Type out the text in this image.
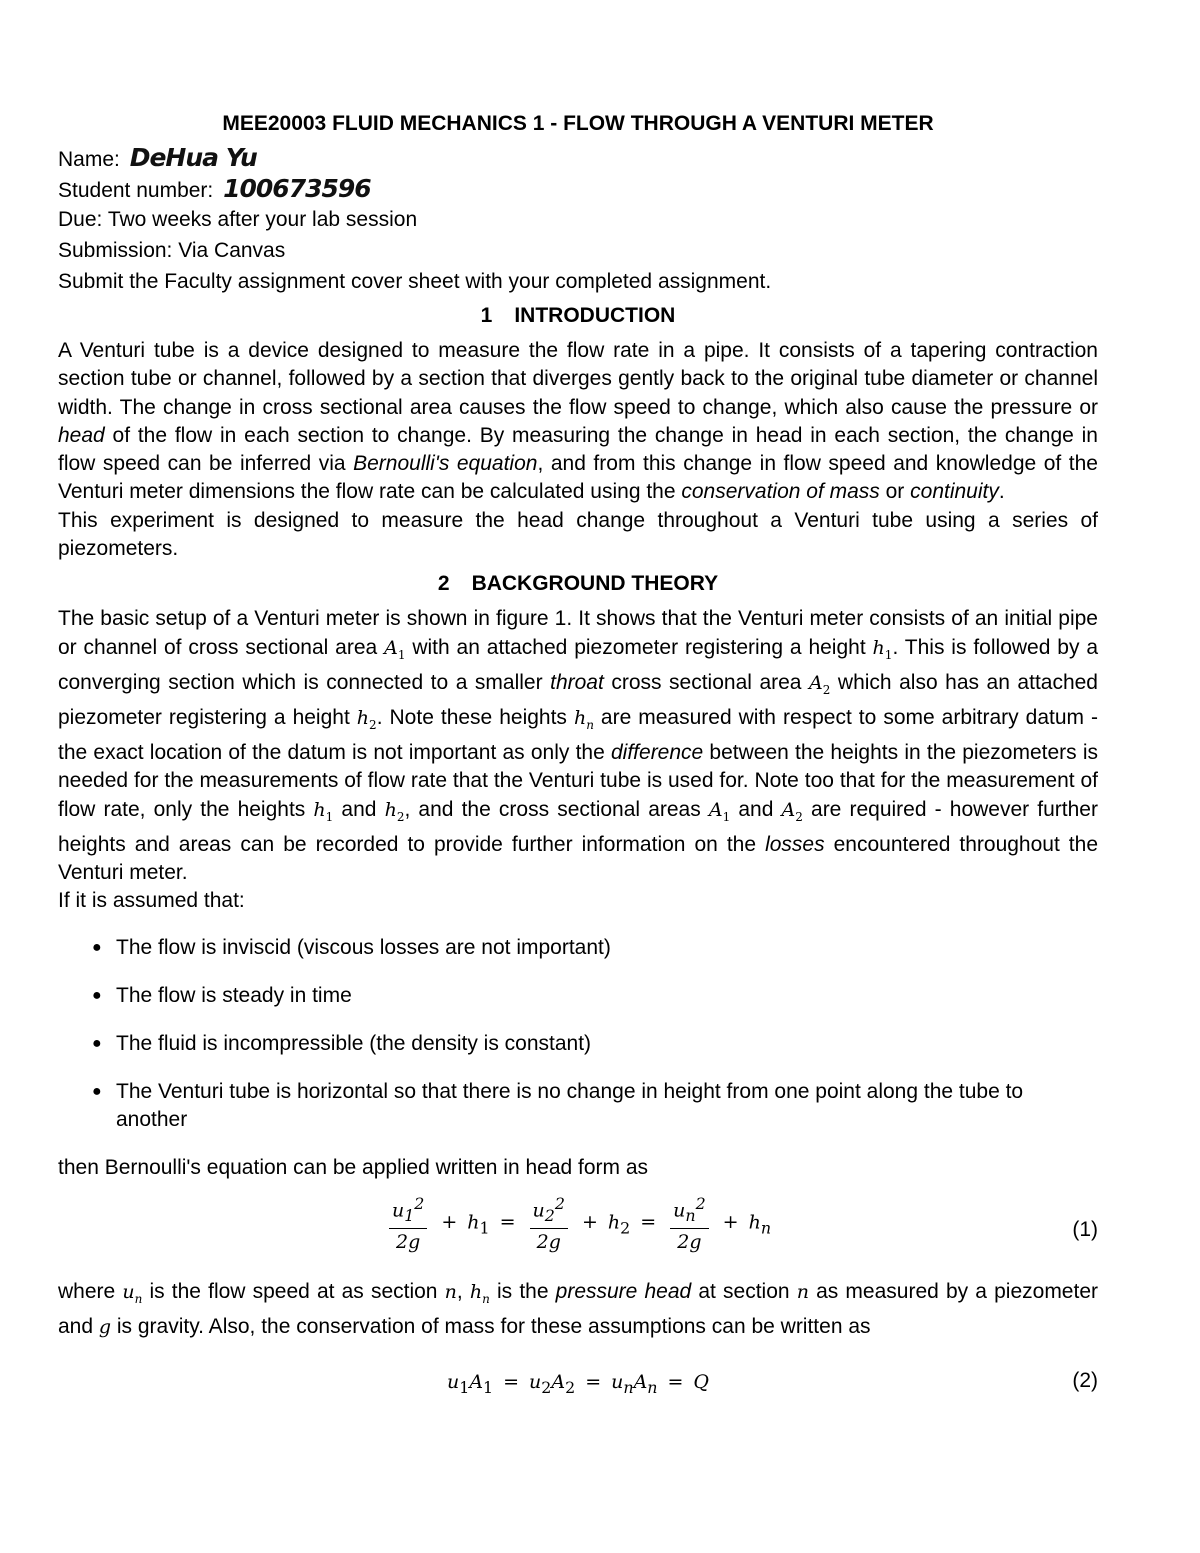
MEE20003 FLUID MECHANICS 1 - FLOW THROUGH A VENTURI METER
Name: DeHua Yu
Student number: 100673596
Due: Two weeks after your lab session
Submission: Via Canvas
Submit the Faculty assignment cover sheet with your completed assignment.
1 INTRODUCTION

A Venturi tube is a device designed to measure the flow rate in a pipe. It consists of a tapering contraction section tube or channel, followed by a section that diverges gently back to the original tube diameter or channel width. The change in cross sectional area causes the flow speed to change, which also cause the pressure or head of the flow in each section to change. By measuring the change in head in each section, the change in flow speed can be inferred via Bernoulli's equation, and from this change in flow speed and knowledge of the Venturi meter dimensions the flow rate can be calculated using the conservation of mass or continuity.

This experiment is designed to measure the head change throughout a Venturi tube using a series of piezometers.

2 BACKGROUND THEORY

The basic setup of a Venturi meter is shown in figure 1. It shows that the Venturi meter consists of an initial pipe or channel of cross sectional area $A_1$ with an attached piezometer registering a height $h_1$. This is followed by a converging section which is connected to a smaller throat cross sectional area $A_2$ which also has an attached piezometer registering a height $h_2$. Note these heights $h_n$ are measured with respect to some arbitrary datum - the exact location of the datum is not important as only the difference between the heights in the piezometers is needed for the measurements of flow rate that the Venturi tube is used for. Note too that for the measurement of flow rate, only the heights $h_1$ and $h_2$, and the cross sectional areas $A_1$ and $A_2$ are required - however further heights and areas can be recorded to provide further information on the losses encountered throughout the Venturi meter.

If it is assumed that:

● The flow is inviscid (viscous losses are not important)
● The flow is steady in time
● The fluid is incompressible (the density is constant)
● The Venturi tube is horizontal so that there is no change in height from one point along the tube to another

then Bernoulli's equation can be applied written in head form as

$\frac{u_1^2}{2g} + h_1 = \frac{u_2^2}{2g} + h_2 = \frac{u_n^2}{2g} + h_n$	(1)

where $u_n$ is the flow speed at as section n, $h_n$ is the pressure head at section n as measured by a piezometer and g is gravity. Also, the conservation of mass for these assumptions can be written as

$u_1A_1 = u_2A_2 = u_nA_n = Q$	(2)
